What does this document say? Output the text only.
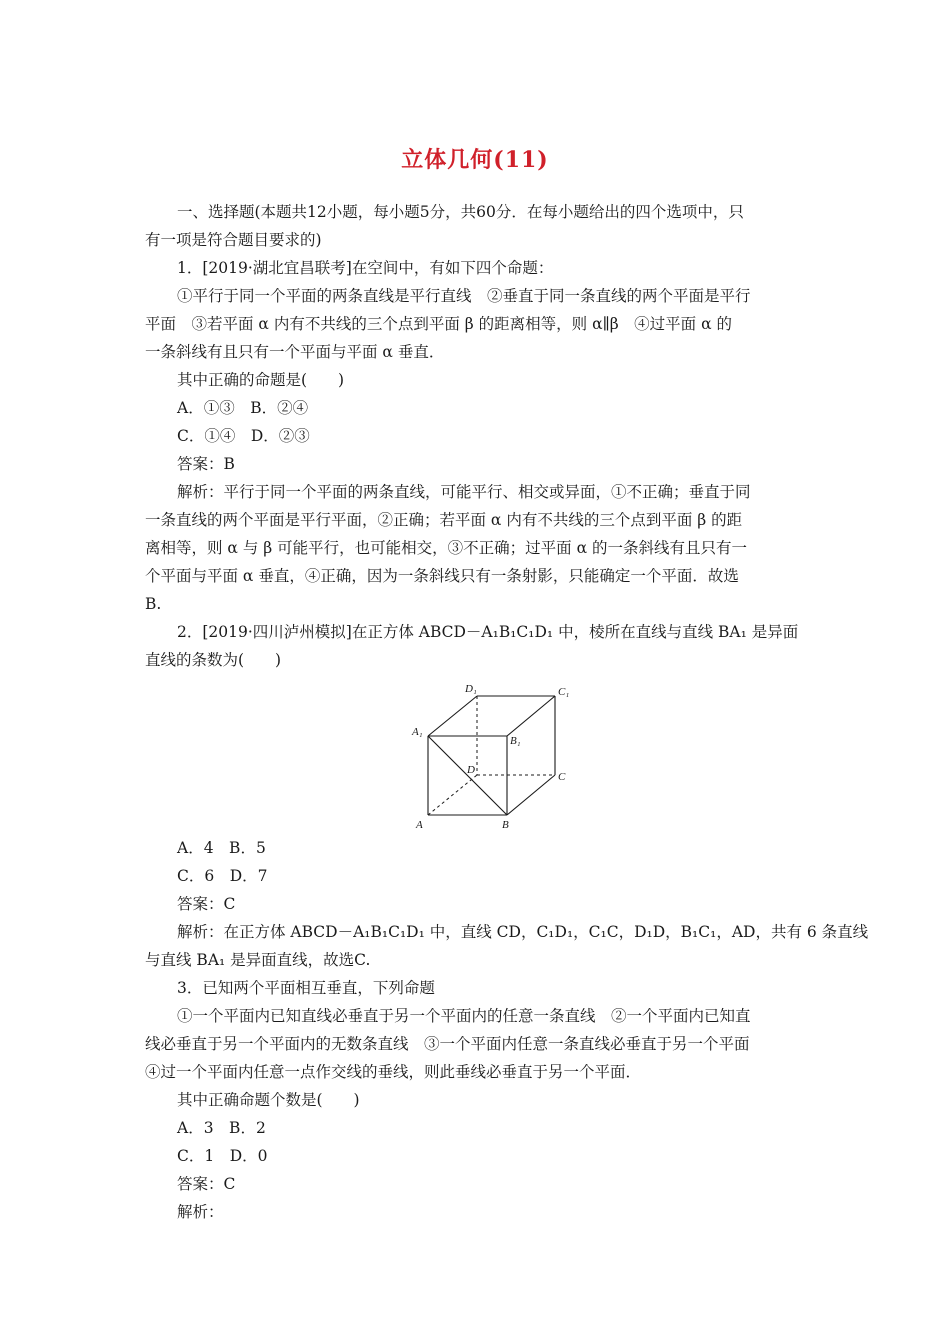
立体几何(11)

一、选择题(本题共12小题，每小题5分，共60分．在每小题给出的四个选项中，只

有一项是符合题目要求的)

1．[2019·湖北宜昌联考]在空间中，有如下四个命题：

①平行于同一个平面的两条直线是平行直线　②垂直于同一条直线的两个平面是平行

平面　③若平面 α 内有不共线的三个点到平面 β 的距离相等，则 α∥β　④过平面 α 的

一条斜线有且只有一个平面与平面 α 垂直．

其中正确的命题是(　　)

A．①③　B．②④

C．①④　D．②③

答案：B

解析：平行于同一个平面的两条直线，可能平行、相交或异面，①不正确；垂直于同

一条直线的两个平面是平行平面，②正确；若平面 α 内有不共线的三个点到平面 β 的距

离相等，则 α 与 β 可能平行，也可能相交，③不正确；过平面 α 的一条斜线有且只有一

个平面与平面 α 垂直，④正确，因为一条斜线只有一条射影，只能确定一个平面．故选

B.

2．[2019·四川泸州模拟]在正方体 ABCD－A₁B₁C₁D₁ 中，棱所在直线与直线 BA₁ 是异面

直线的条数为(　　)

A	B
C
D
A₁
B₁
C₁
D₁

A．4　B．5

C．6　D．7

答案：C

解析：在正方体 ABCD－A₁B₁C₁D₁ 中，直线 CD，C₁D₁，C₁C，D₁D，B₁C₁，AD，共有 6 条直线

与直线 BA₁ 是异面直线，故选C.

3．已知两个平面相互垂直，下列命题

①一个平面内已知直线必垂直于另一个平面内的任意一条直线　②一个平面内已知直

线必垂直于另一个平面内的无数条直线　③一个平面内任意一条直线必垂直于另一个平面

④过一个平面内任意一点作交线的垂线，则此垂线必垂直于另一个平面．

其中正确命题个数是(　　)

A．3　B．2

C．1　D．0

答案：C

解析：
